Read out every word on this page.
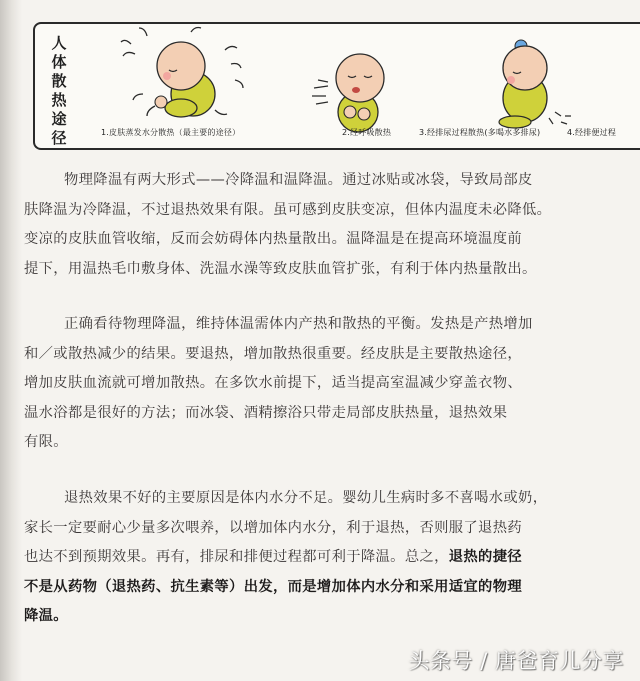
人
体
散
热
途
径	1.皮肤蒸发水分散热（最主要的途径）	2.经呼吸散热	3.经排尿过程散热(多喝水多排尿)	4.经排便过程

物理降温有两大形式——冷降温和温降温。通过冰贴或冰袋，导致局部皮
肤降温为冷降温，不过退热效果有限。虽可感到皮肤变凉，但体内温度未必降低。
变凉的皮肤血管收缩，反而会妨碍体内热量散出。温降温是在提高环境温度前
提下，用温热毛巾敷身体、洗温水澡等致皮肤血管扩张，有利于体内热量散出。

正确看待物理降温，维持体温需体内产热和散热的平衡。发热是产热增加
和／或散热减少的结果。要退热，增加散热很重要。经皮肤是主要散热途径，
增加皮肤血流就可增加散热。在多饮水前提下，适当提高室温减少穿盖衣物、
温水浴都是很好的方法；而冰袋、酒精擦浴只带走局部皮肤热量，退热效果
有限。

退热效果不好的主要原因是体内水分不足。婴幼儿生病时多不喜喝水或奶，
家长一定要耐心少量多次喂养，以增加体内水分，利于退热，否则服了退热药
也达不到预期效果。再有，排尿和排便过程都可利于降温。总之，退热的捷径
不是从药物（退热药、抗生素等）出发，而是增加体内水分和采用适宜的物理
降温。

头条号 / 唐爸育儿分享
